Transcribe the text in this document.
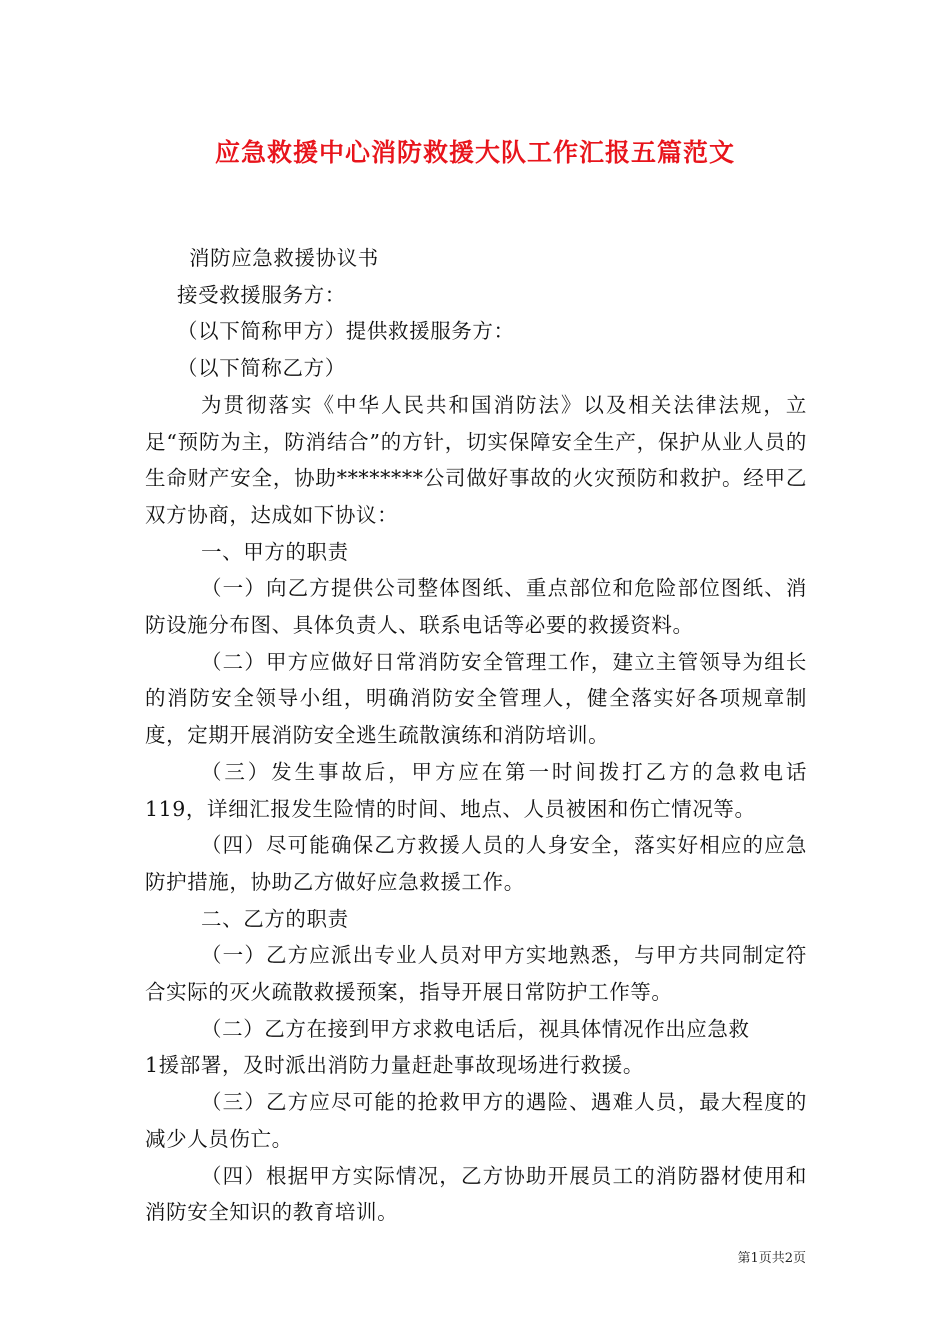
应急救援中心消防救援大队工作汇报五篇范文

消防应急救援协议书

接受救援服务方：

（以下简称甲方）提供救援服务方：

（以下简称乙方）

为贯彻落实《中华人民共和国消防法》以及相关法律法规，立足“预防为主，防消结合”的方针，切实保障安全生产，保护从业人员的生命财产安全，协助********公司做好事故的火灾预防和救护。经甲乙双方协商，达成如下协议：

一、甲方的职责

（一）向乙方提供公司整体图纸、重点部位和危险部位图纸、消防设施分布图、具体负责人、联系电话等必要的救援资料。

（二）甲方应做好日常消防安全管理工作，建立主管领导为组长的消防安全领导小组，明确消防安全管理人，健全落实好各项规章制度，定期开展消防安全逃生疏散演练和消防培训。

（三）发生事故后，甲方应在第一时间拨打乙方的急救电话119，详细汇报发生险情的时间、地点、人员被困和伤亡情况等。

（四）尽可能确保乙方救援人员的人身安全，落实好相应的应急防护措施，协助乙方做好应急救援工作。

二、乙方的职责

（一）乙方应派出专业人员对甲方实地熟悉，与甲方共同制定符合实际的灭火疏散救援预案，指导开展日常防护工作等。

（二）乙方在接到甲方求救电话后，视具体情况作出应急救

1援部署，及时派出消防力量赶赴事故现场进行救援。

（三）乙方应尽可能的抢救甲方的遇险、遇难人员，最大程度的减少人员伤亡。

（四）根据甲方实际情况，乙方协助开展员工的消防器材使用和消防安全知识的教育培训。

第1页共2页
